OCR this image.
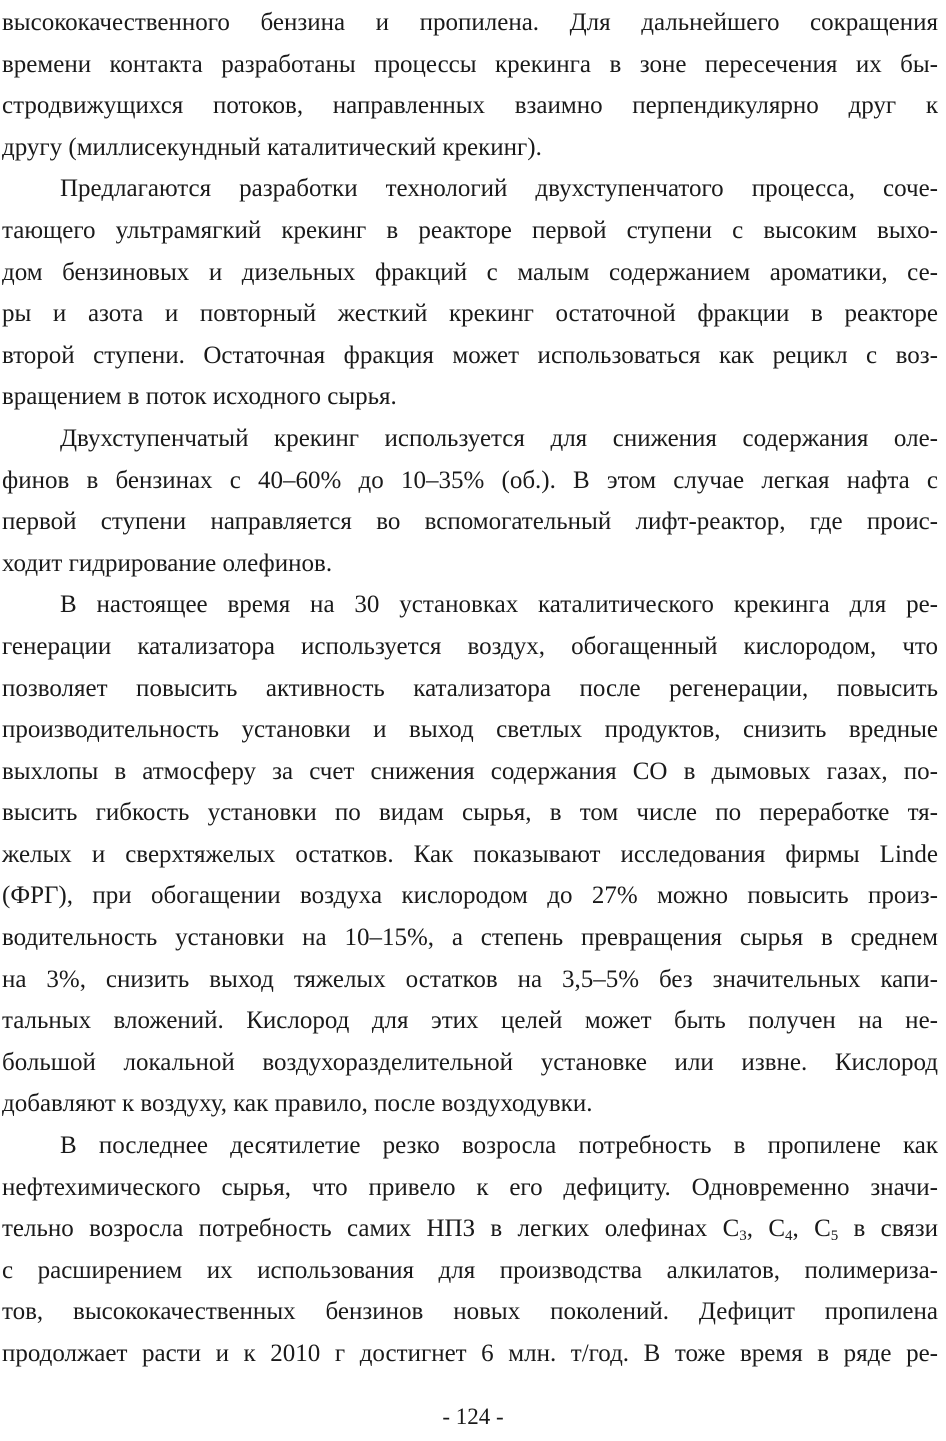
высококачественного бензина и пропилена. Для дальнейшего сокращения
времени контакта разработаны процессы крекинга в зоне пересечения их бы-
стродвижущихся потоков, направленных взаимно перпендикулярно друг к
другу (миллисекундный каталитический крекинг).
Предлагаются разработки технологий двухступенчатого процесса, соче-
тающего ультрамягкий крекинг в реакторе первой ступени с высоким выхо-
дом бензиновых и дизельных фракций с малым содержанием ароматики, се-
ры и азота и повторный жесткий крекинг остаточной фракции в реакторе
второй ступени. Остаточная фракция может использоваться как рецикл с воз-
вращением в поток исходного сырья.
Двухступенчатый крекинг используется для снижения содержания оле-
финов в бензинах с 40–60% до 10–35% (об.). В этом случае легкая нафта с
первой ступени направляется во вспомогательный лифт-реактор, где проис-
ходит гидрирование олефинов.
В настоящее время на 30 установках каталитического крекинга для ре-
генерации катализатора используется воздух, обогащенный кислородом, что
позволяет повысить активность катализатора после регенерации, повысить
производительность установки и выход светлых продуктов, снизить вредные
выхлопы в атмосферу за счет снижения содержания CO в дымовых газах, по-
высить гибкость установки по видам сырья, в том числе по переработке тя-
желых и сверхтяжелых остатков. Как показывают исследования фирмы Linde
(ФРГ), при обогащении воздуха кислородом до 27% можно повысить произ-
водительность установки на 10–15%, а степень превращения сырья в среднем
на 3%, снизить выход тяжелых остатков на 3,5–5% без значительных капи-
тальных вложений. Кислород для этих целей может быть получен на не-
большой локальной воздухоразделительной установке или извне. Кислород
добавляют к воздуху, как правило, после воздуходувки.
В последнее десятилетие резко возросла потребность в пропилене как
нефтехимического сырья, что привело к его дефициту. Одновременно значи-
тельно возросла потребность самих НПЗ в легких олефинах $C_3$, $C_4$, $C_5$ в связи
с расширением их использования для производства алкилатов, полимериза-
тов, высококачественных бензинов новых поколений. Дефицит пропилена
продолжает расти и к 2010 г достигнет 6 млн. т/год. В тоже время в ряде ре-
- 124 -
